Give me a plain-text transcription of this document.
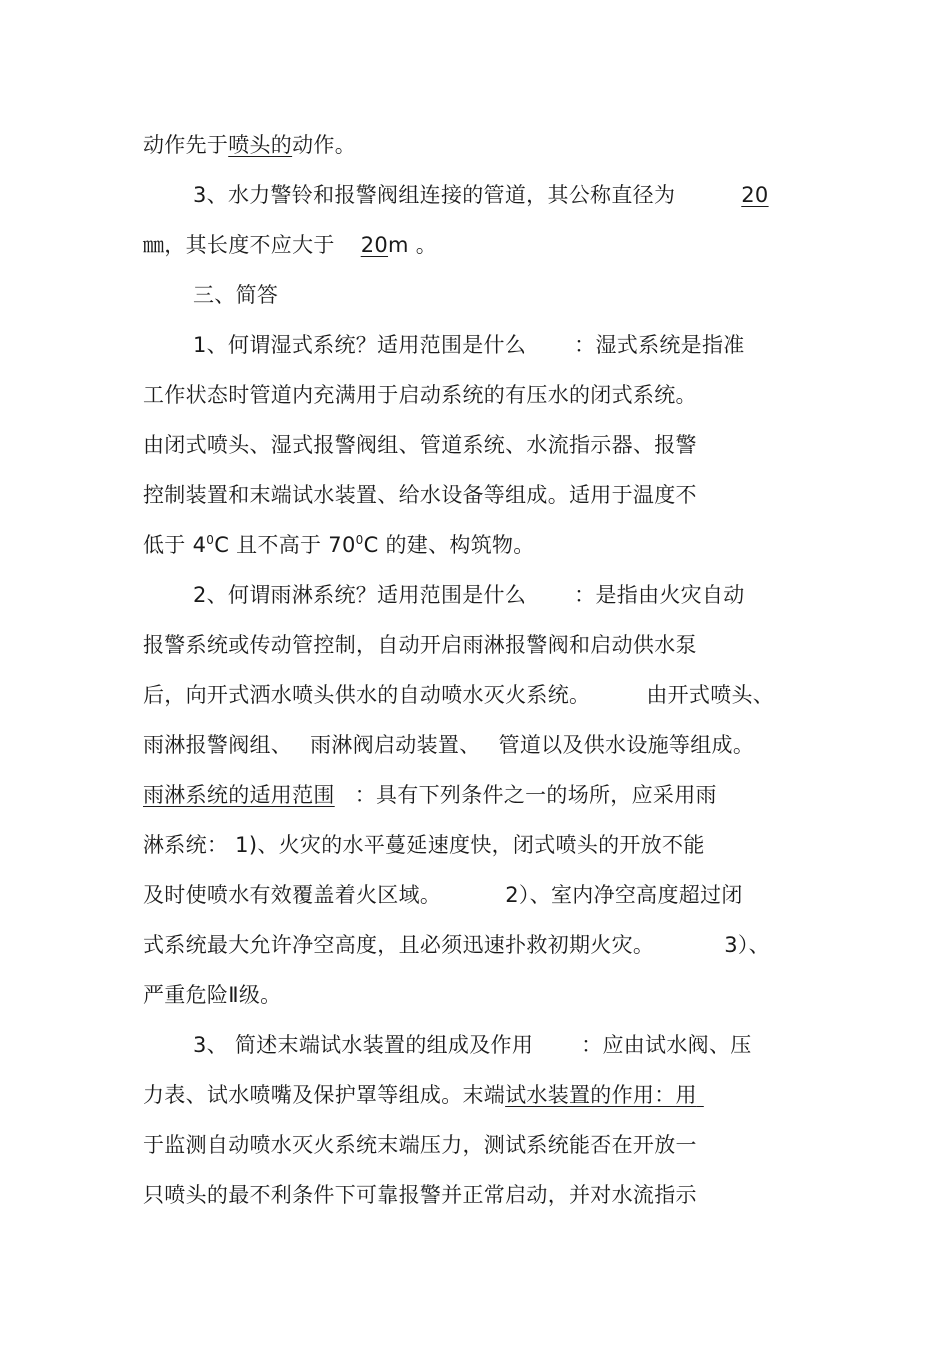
动作先于喷头的动作。
3、水力警铃和报警阀组连接的管道，其公称直径为	20
㎜，其长度不应大于 20m 。
三、简答
1、何谓湿式系统？适用范围是什么 ：湿式系统是指准
工作状态时管道内充满用于启动系统的有压水的闭式系统。
由闭式喷头、湿式报警阀组、管道系统、水流指示器、报警
控制装置和末端试水装置、给水设备等组成。适用于温度不
低于 $4^0C$ 且不高于 $70^0C$ 的建、构筑物。
2、何谓雨淋系统？适用范围是什么 ：是指由火灾自动
报警系统或传动管控制，自动开启雨淋报警阀和启动供水泵
后，向开式洒水喷头供水的自动喷水灭火系统。	由开式喷头、
雨淋报警阀组、 雨淋阀启动装置、 管道以及供水设施等组成。
雨淋系统的适用范围 ：具有下列条件之一的场所，应采用雨
淋系统： 1)、火灾的水平蔓延速度快，闭式喷头的开放不能
及时使喷水有效覆盖着火区域。	2）、室内净空高度超过闭
式系统最大允许净空高度，且必须迅速扑救初期火灾。	3）、
严重危险Ⅱ级。
3、 简述末端试水装置的组成及作用 ：应由试水阀、压
力表、试水喷嘴及保护罩等组成。末端试水装置的作用：用
于监测自动喷水灭火系统末端压力，测试系统能否在开放一
只喷头的最不利条件下可靠报警并正常启动，并对水流指示
